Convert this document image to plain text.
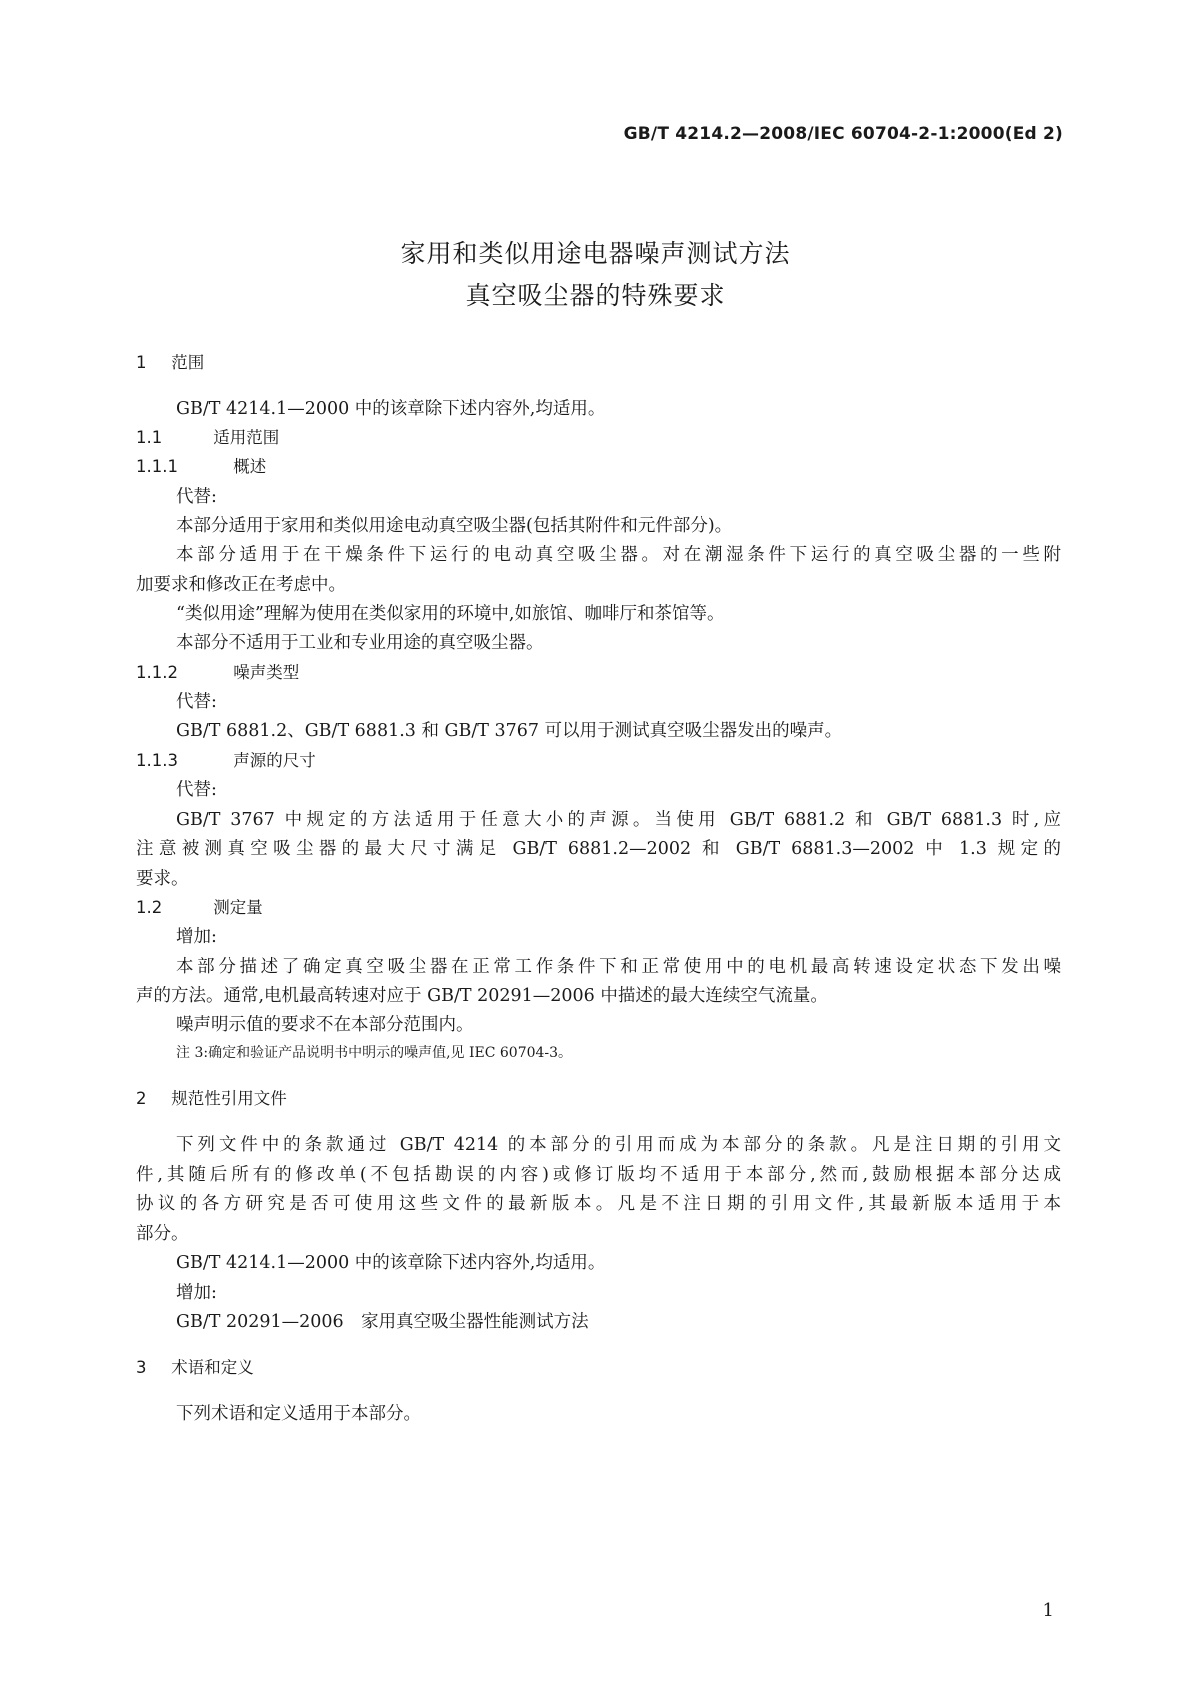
GB/T 4214.2—2008/IEC 60704-2-1:2000(Ed 2)
家用和类似用途电器噪声测试方法
真空吸尘器的特殊要求
1 范围
GB/T 4214.1—2000 中的该章除下述内容外,均适用。
1.1	适用范围
1.1.1	概述
代替:
本部分适用于家用和类似用途电动真空吸尘器(包括其附件和元件部分)。
本部分适用于在干燥条件下运行的电动真空吸尘器。对在潮湿条件下运行的真空吸尘器的一些附
加要求和修改正在考虑中。
“类似用途”理解为使用在类似家用的环境中,如旅馆、咖啡厅和茶馆等。
本部分不适用于工业和专业用途的真空吸尘器。
1.1.2	噪声类型
代替:
GB/T 6881.2、GB/T 6881.3 和 GB/T 3767 可以用于测试真空吸尘器发出的噪声。
1.1.3	声源的尺寸
代替:
GB/T 3767 中规定的方法适用于任意大小的声源。当使用 GB/T 6881.2 和 GB/T 6881.3 时,应
注意被测真空吸尘器的最大尺寸满足 GB/T 6881.2—2002 和 GB/T 6881.3—2002 中 1.3 规定的
要求。
1.2	测定量
增加:
本部分描述了确定真空吸尘器在正常工作条件下和正常使用中的电机最高转速设定状态下发出噪
声的方法。通常,电机最高转速对应于 GB/T 20291—2006 中描述的最大连续空气流量。
噪声明示值的要求不在本部分范围内。
注 3:确定和验证产品说明书中明示的噪声值,见 IEC 60704-3。
2 规范性引用文件
下列文件中的条款通过 GB/T 4214 的本部分的引用而成为本部分的条款。凡是注日期的引用文
件,其随后所有的修改单(不包括勘误的内容)或修订版均不适用于本部分,然而,鼓励根据本部分达成
协议的各方研究是否可使用这些文件的最新版本。凡是不注日期的引用文件,其最新版本适用于本
部分。
GB/T 4214.1—2000 中的该章除下述内容外,均适用。
增加:
GB/T 20291—2006　家用真空吸尘器性能测试方法
3 术语和定义
下列术语和定义适用于本部分。
1
